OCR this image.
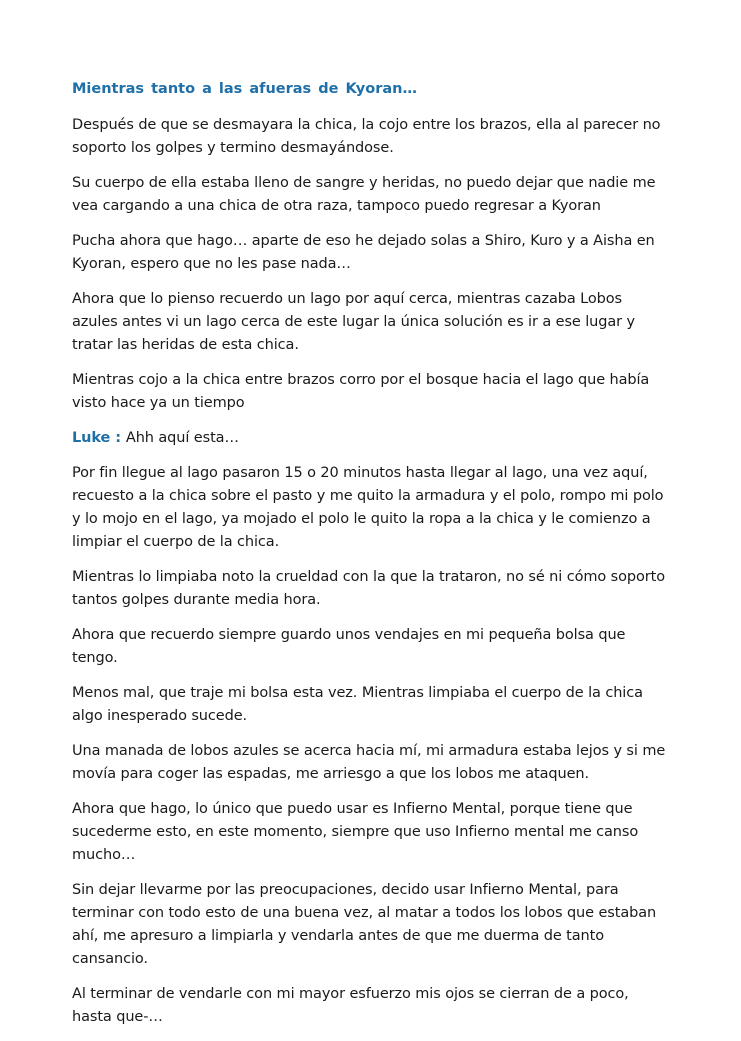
Mientras tanto a las afueras de Kyoran…

Después de que se desmayara la chica, la cojo entre los brazos, ella al parecer no soporto los golpes y termino desmayándose.

Su cuerpo de ella estaba lleno de sangre y heridas, no puedo dejar que nadie me vea cargando a una chica de otra raza, tampoco puedo regresar a Kyoran

Pucha ahora que hago… aparte de eso he dejado solas a Shiro, Kuro y a Aisha en Kyoran, espero que no les pase nada…

Ahora que lo pienso recuerdo un lago por aquí cerca, mientras cazaba Lobos azules antes vi un lago cerca de este lugar la única solución es ir a ese lugar y tratar las heridas de esta chica.

Mientras cojo a la chica entre brazos corro por el bosque hacia el lago que había visto hace ya un tiempo

Luke : Ahh aquí esta…

Por fin llegue al lago pasaron 15 o 20 minutos hasta llegar al lago, una vez aquí, recuesto a la chica sobre el pasto y me quito la armadura y el polo, rompo mi polo y lo mojo en el lago, ya mojado el polo le quito la ropa a la chica y le comienzo a limpiar el cuerpo de la chica.

Mientras lo limpiaba noto la crueldad con la que la trataron, no sé ni cómo soporto tantos golpes durante media hora.

Ahora que recuerdo siempre guardo unos vendajes en mi pequeña bolsa que tengo.

Menos mal, que traje mi bolsa esta vez. Mientras limpiaba el cuerpo de la chica algo inesperado sucede.

Una manada de lobos azules se acerca hacia mí, mi armadura estaba lejos y si me movía para coger las espadas, me arriesgo a que los lobos me ataquen.

Ahora que hago, lo único que puedo usar es Infierno Mental, porque tiene que sucederme esto, en este momento, siempre que uso Infierno mental me canso mucho…

Sin dejar llevarme por las preocupaciones, decido usar Infierno Mental, para terminar con todo esto de una buena vez, al matar a todos los lobos que estaban ahí, me apresuro a limpiarla y vendarla antes de que me duerma de tanto cansancio.

Al terminar de vendarle con mi mayor esfuerzo mis ojos se cierran de a poco, hasta que-…
